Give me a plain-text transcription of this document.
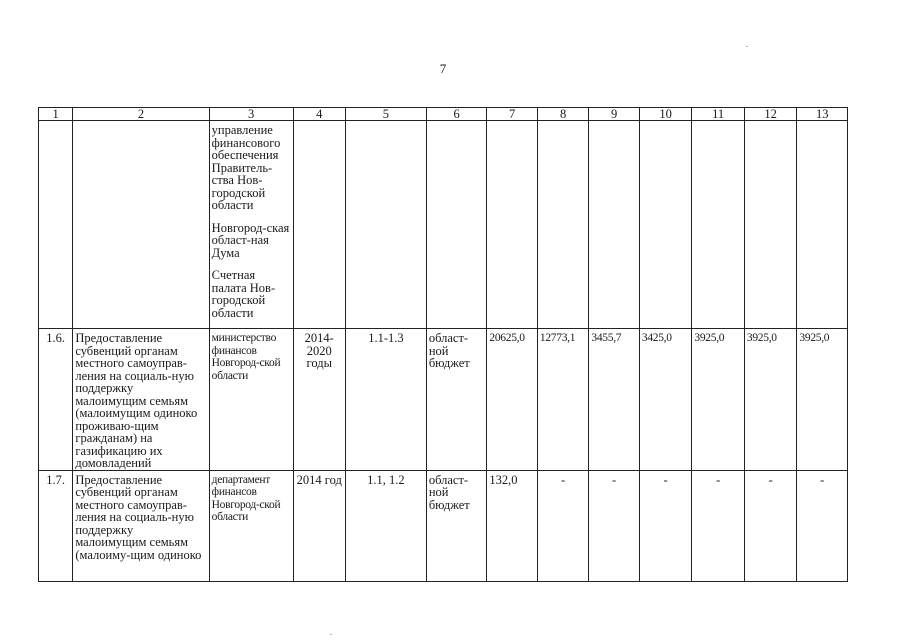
7
1	2	3	4	5	6	7	8	9	10	11	12	13

		управление финансового обеспечения Правитель-ства Нов-городской области
Новгород-ская област-ная Дума
Счетная палата Нов-городской области										

1.6.	Предоставление субвенций органам местного самоуправ-ления на социаль-ную поддержку малоимущим семьям (малоимущим одиноко проживаю-щим гражданам) на газификацию их домовладений	министерство финансов Новгород-ской области	2014-2020 годы	1.1-1.3	област-ной бюджет	20625,0	12773,1	3455,7	3425,0	3925,0	3925,0	3925,0
1.7.	Предоставление субвенций органам местного самоуправ-ления на социаль-ную поддержку малоимущим семьям (малоиму-щим одиноко	департамент финансов Новгород-ской области	2014 год	1.1, 1.2	област-ной бюджет	132,0	-	-	-	-	-	-
